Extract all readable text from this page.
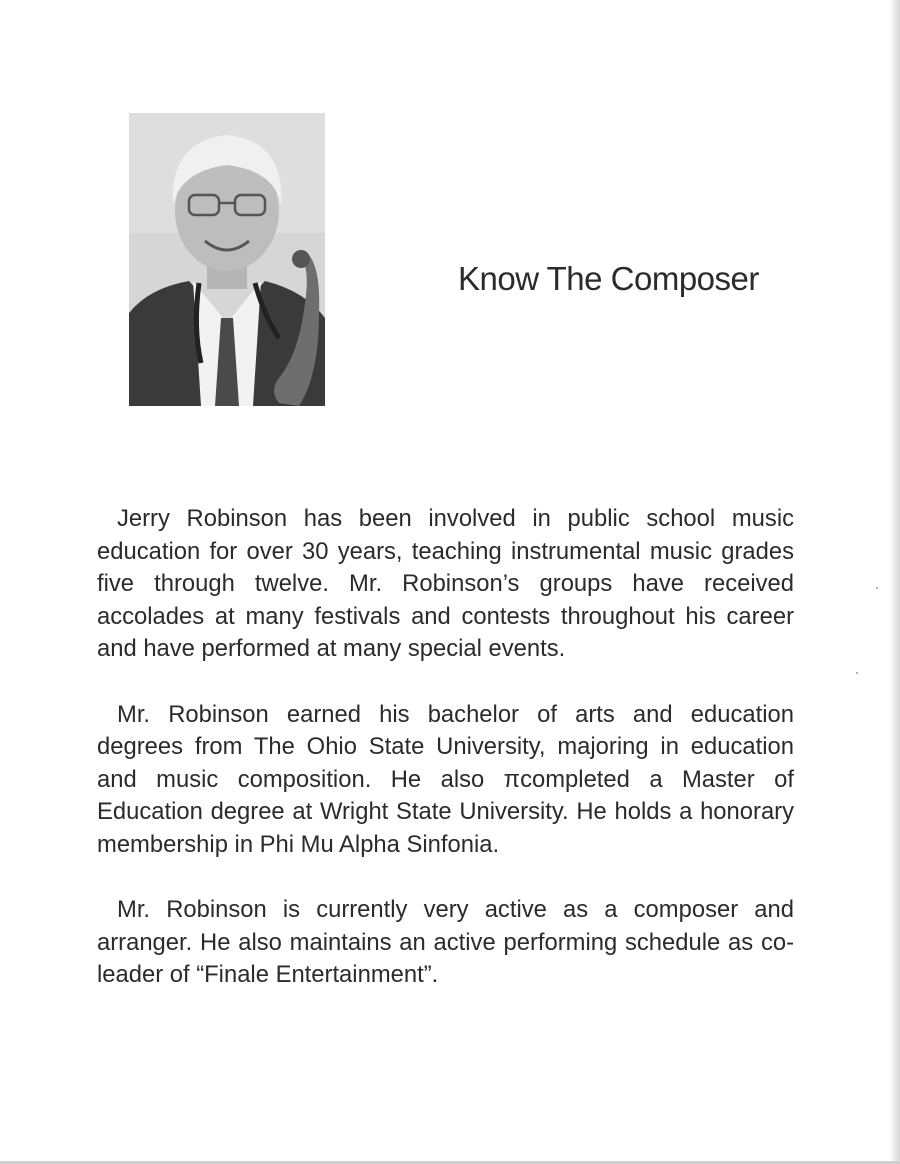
Know The Composer

Jerry Robinson has been involved in public school music education for over 30 years, teaching instrumental music grades five through twelve. Mr. Robinson’s groups have received accolades at many festivals and contests throughout his career and have performed at many special events.

Mr. Robinson earned his bachelor of arts and education degrees from The Ohio State University, majoring in education and music composition. He also πcompleted a Master of Education degree at Wright State University. He holds a honorary membership in Phi Mu Alpha Sinfonia.

Mr. Robinson is currently very active as a composer and arranger. He also maintains an active performing schedule as co-leader of “Finale Entertainment”.
